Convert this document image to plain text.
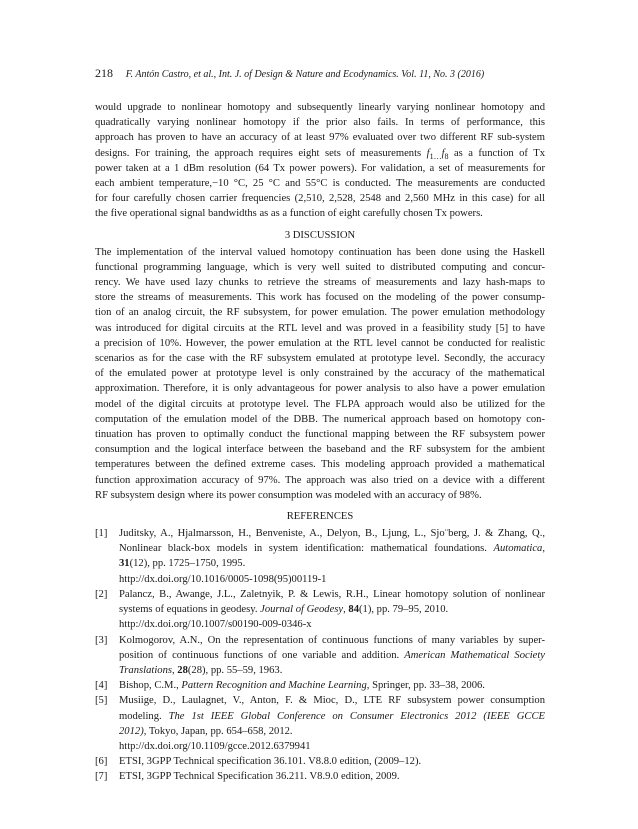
218 F. Antón Castro, et al., Int. J. of Design & Nature and Ecodynamics. Vol. 11, No. 3 (2016)

would upgrade to nonlinear homotopy and subsequently linearly varying nonlinear homotopy and
quadratically varying nonlinear homotopy if the prior also fails. In terms of performance, this
approach has proven to have an accuracy of at least 97% evaluated over two different RF sub-system
designs. For training, the approach requires eight sets of measurements $f_{1\dots}f_8$ as a function of Tx
power taken at a 1 dBm resolution (64 Tx power powers). For validation, a set of measurements for
each ambient temperature,−10 °C, 25 °C and 55°C is conducted. The measurements are conducted
for four carefully chosen carrier frequencies (2,510, 2,528, 2548 and 2,560 MHz in this case) for all
the five operational signal bandwidths as as a function of eight carefully chosen Tx powers.

3 DISCUSSION

The implementation of the interval valued homotopy continuation has been done using the Haskell
functional programming language, which is very well suited to distributed computing and concur-
rency. We have used lazy chunks to retrieve the streams of measurements and lazy hash-maps to
store the streams of measurements. This work has focused on the modeling of the power consump-
tion of an analog circuit, the RF subsystem, for power emulation. The power emulation methodology
was introduced for digital circuits at the RTL level and was proved in a feasibility study [5] to have
a precision of 10%. However, the power emulation at the RTL level cannot be conducted for realistic
scenarios as for the case with the RF subsystem emulated at prototype level. Secondly, the accuracy
of the emulated power at prototype level is only constrained by the accuracy of the mathematical
approximation. Therefore, it is only advantageous for power analysis to also have a power emulation
model of the digital circuits at prototype level. The FLPA approach would also be utilized for the
computation of the emulation model of the DBB. The numerical approach based on homotopy con-
tinuation has proven to optimally conduct the functional mapping between the RF subsystem power
consumption and the logical interface between the baseband and the RF subsystem for the ambient
temperatures between the defined extreme cases. This modeling approach provided a mathematical
function approximation accuracy of 97%. The approach was also tried on a device with a different
RF subsystem design where its power consumption was modeled with an accuracy of 98%.

REFERENCES
[1]	Juditsky, A., Hjalmarsson, H., Benveniste, A., Delyon, B., Ljung, L., Sjo¨berg, J. & Zhang, Q.,
Nonlinear black-box models in system identification: mathematical foundations. Automatica,
31(12), pp. 1725–1750, 1995.
http://dx.doi.org/10.1016/0005-1098(95)00119-1
[2]	Palancz, B., Awange, J.L., Zaletnyik, P. & Lewis, R.H., Linear homotopy solution of nonlinear
systems of equations in geodesy. Journal of Geodesy, 84(1), pp. 79–95, 2010.
http://dx.doi.org/10.1007/s00190-009-0346-x
[3]	Kolmogorov, A.N., On the representation of continuous functions of many variables by super-
position of continuous functions of one variable and addition. American Mathematical Society
Translations, 28(28), pp. 55–59, 1963.
[4]	Bishop, C.M., Pattern Recognition and Machine Learning, Springer, pp. 33–38, 2006.
[5]	Musiige, D., Laulagnet, V., Anton, F. & Mioc, D., LTE RF subsystem power consumption
modeling. The 1st IEEE Global Conference on Consumer Electronics 2012 (IEEE GCCE
2012), Tokyo, Japan, pp. 654–658, 2012.
http://dx.doi.org/10.1109/gcce.2012.6379941
[6]	ETSI, 3GPP Technical specification 36.101. V8.8.0 edition, (2009–12).
[7]	ETSI, 3GPP Technical Specification 36.211. V8.9.0 edition, 2009.
